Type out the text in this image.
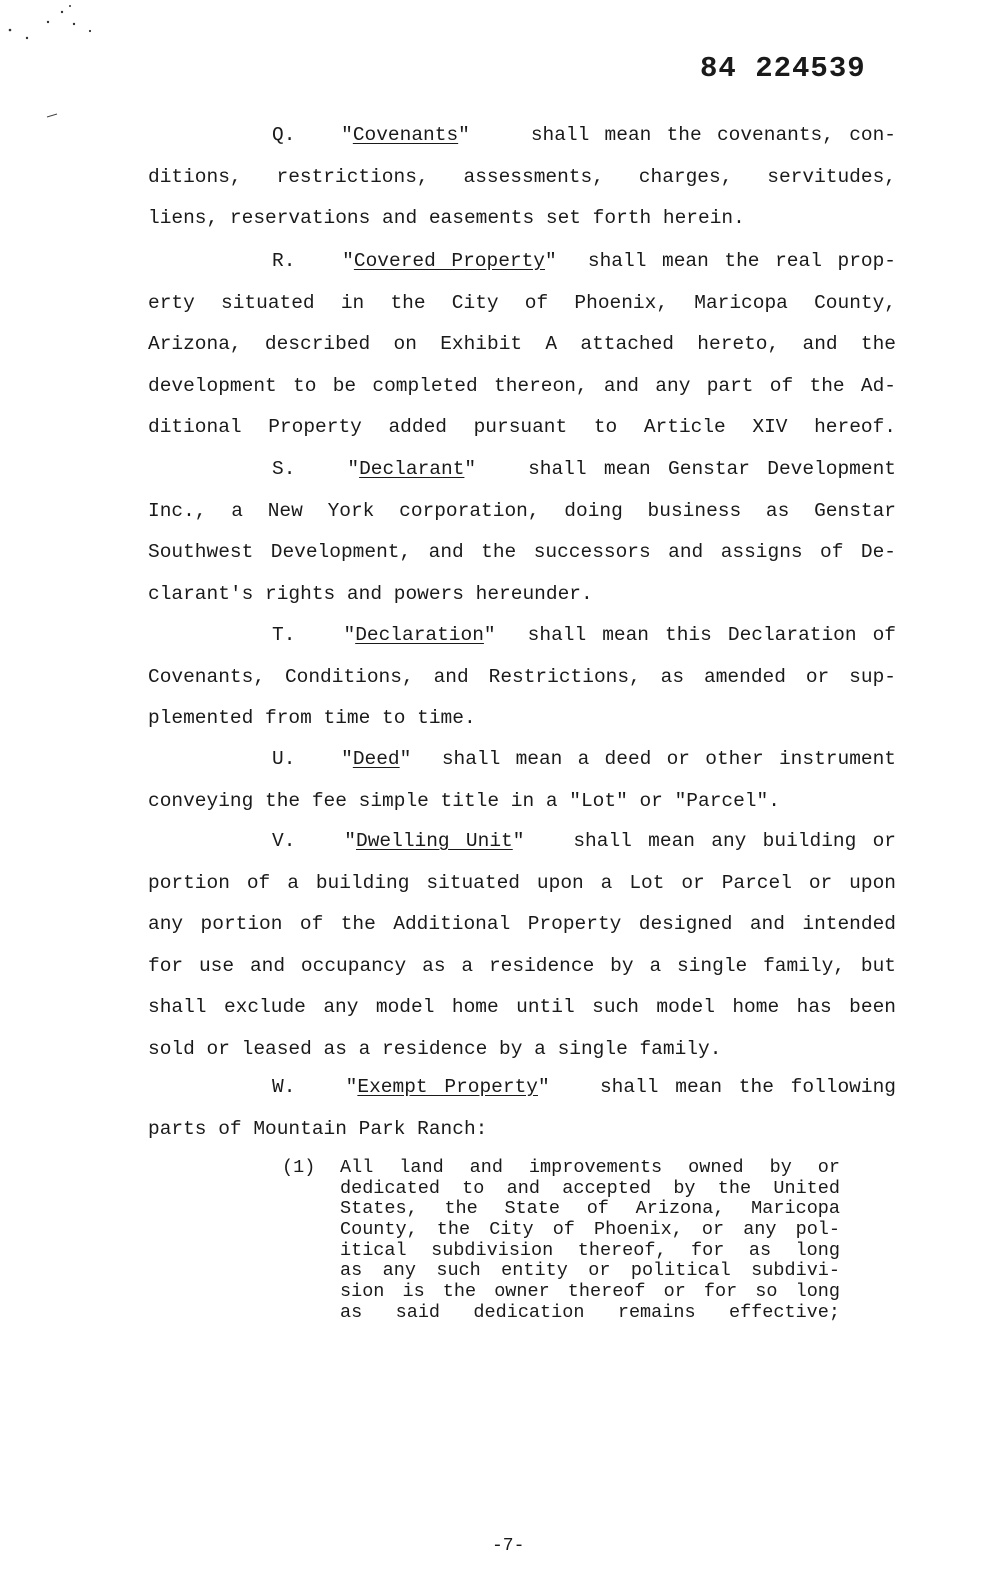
84 224539
Q.   "Covenants"    shall mean the covenants, con-
ditions, restrictions, assessments, charges, servitudes,
liens, reservations and easements set forth herein.
R.   "Covered Property"  shall mean the real prop-
erty situated in the City of Phoenix, Maricopa County,
Arizona, described on Exhibit A attached hereto, and the
development to be completed thereon, and any part of the Ad-
ditional Property added pursuant to Article XIV hereof.
S.   "Declarant"   shall mean Genstar Development
Inc., a New York corporation, doing business as Genstar
Southwest Development, and the successors and assigns of De-
clarant's rights and powers hereunder.
T.   "Declaration"  shall mean this Declaration of
Covenants, Conditions, and Restrictions, as amended or sup-
plemented from time to time.
U.   "Deed"  shall mean a deed or other instrument
conveying the fee simple title in a "Lot" or "Parcel".
V.   "Dwelling Unit"   shall mean any building or
portion of a building situated upon a Lot or Parcel or upon
any portion of the Additional Property designed and intended
for use and occupancy as a residence by a single family, but
shall exclude any model home until such model home has been
sold or leased as a residence by a single family.
W.   "Exempt Property"   shall mean the following
parts of Mountain Park Ranch:
(1) All land and improvements owned by or
dedicated to and accepted by the United
States, the State of Arizona, Maricopa
County, the City of Phoenix, or any pol-
itical subdivision thereof, for as long
as any such entity or political subdivi-
sion is the owner thereof or for so long
as said dedication remains effective;
-7-
